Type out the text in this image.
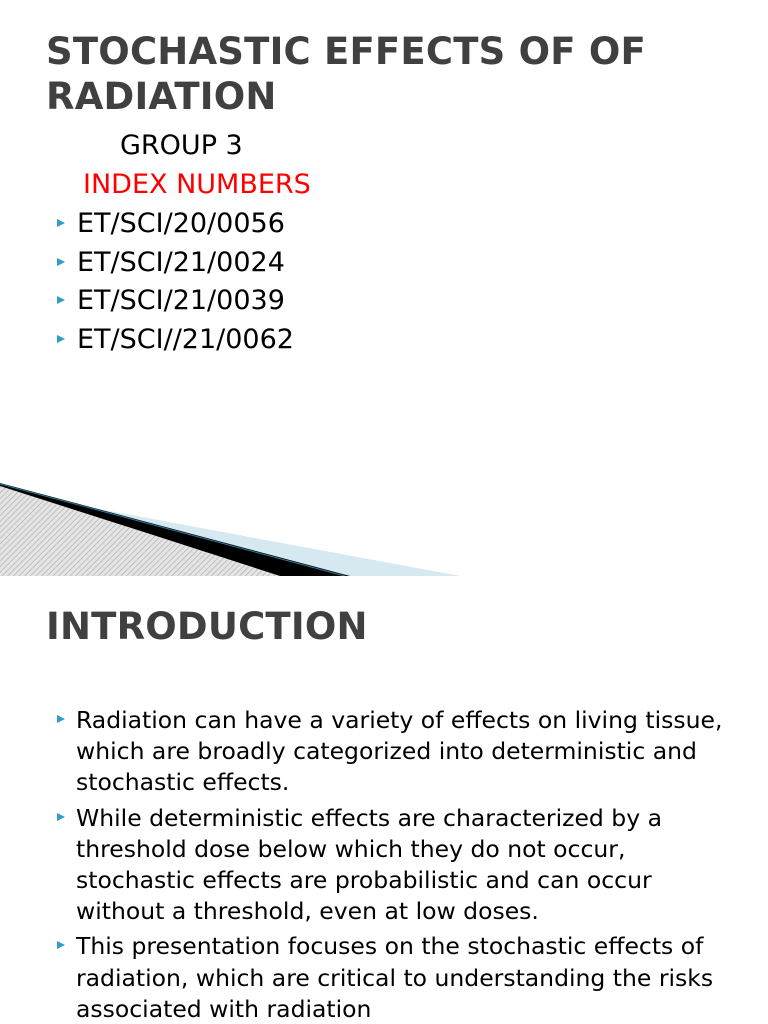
STOCHASTIC EFFECTS OF OF RADIATION
GROUP 3
INDEX NUMBERS
ET/SCI/20/0056
ET/SCI/21/0024
ET/SCI/21/0039
ET/SCI//21/0062
INTRODUCTION
Radiation can have a variety of effects on living tissue, which are broadly categorized into deterministic and stochastic effects.
While deterministic effects are characterized by a threshold dose below which they do not occur, stochastic effects are probabilistic and can occur without a threshold, even at low doses.
This presentation focuses on the stochastic effects of radiation, which are critical to understanding the risks associated with radiation
